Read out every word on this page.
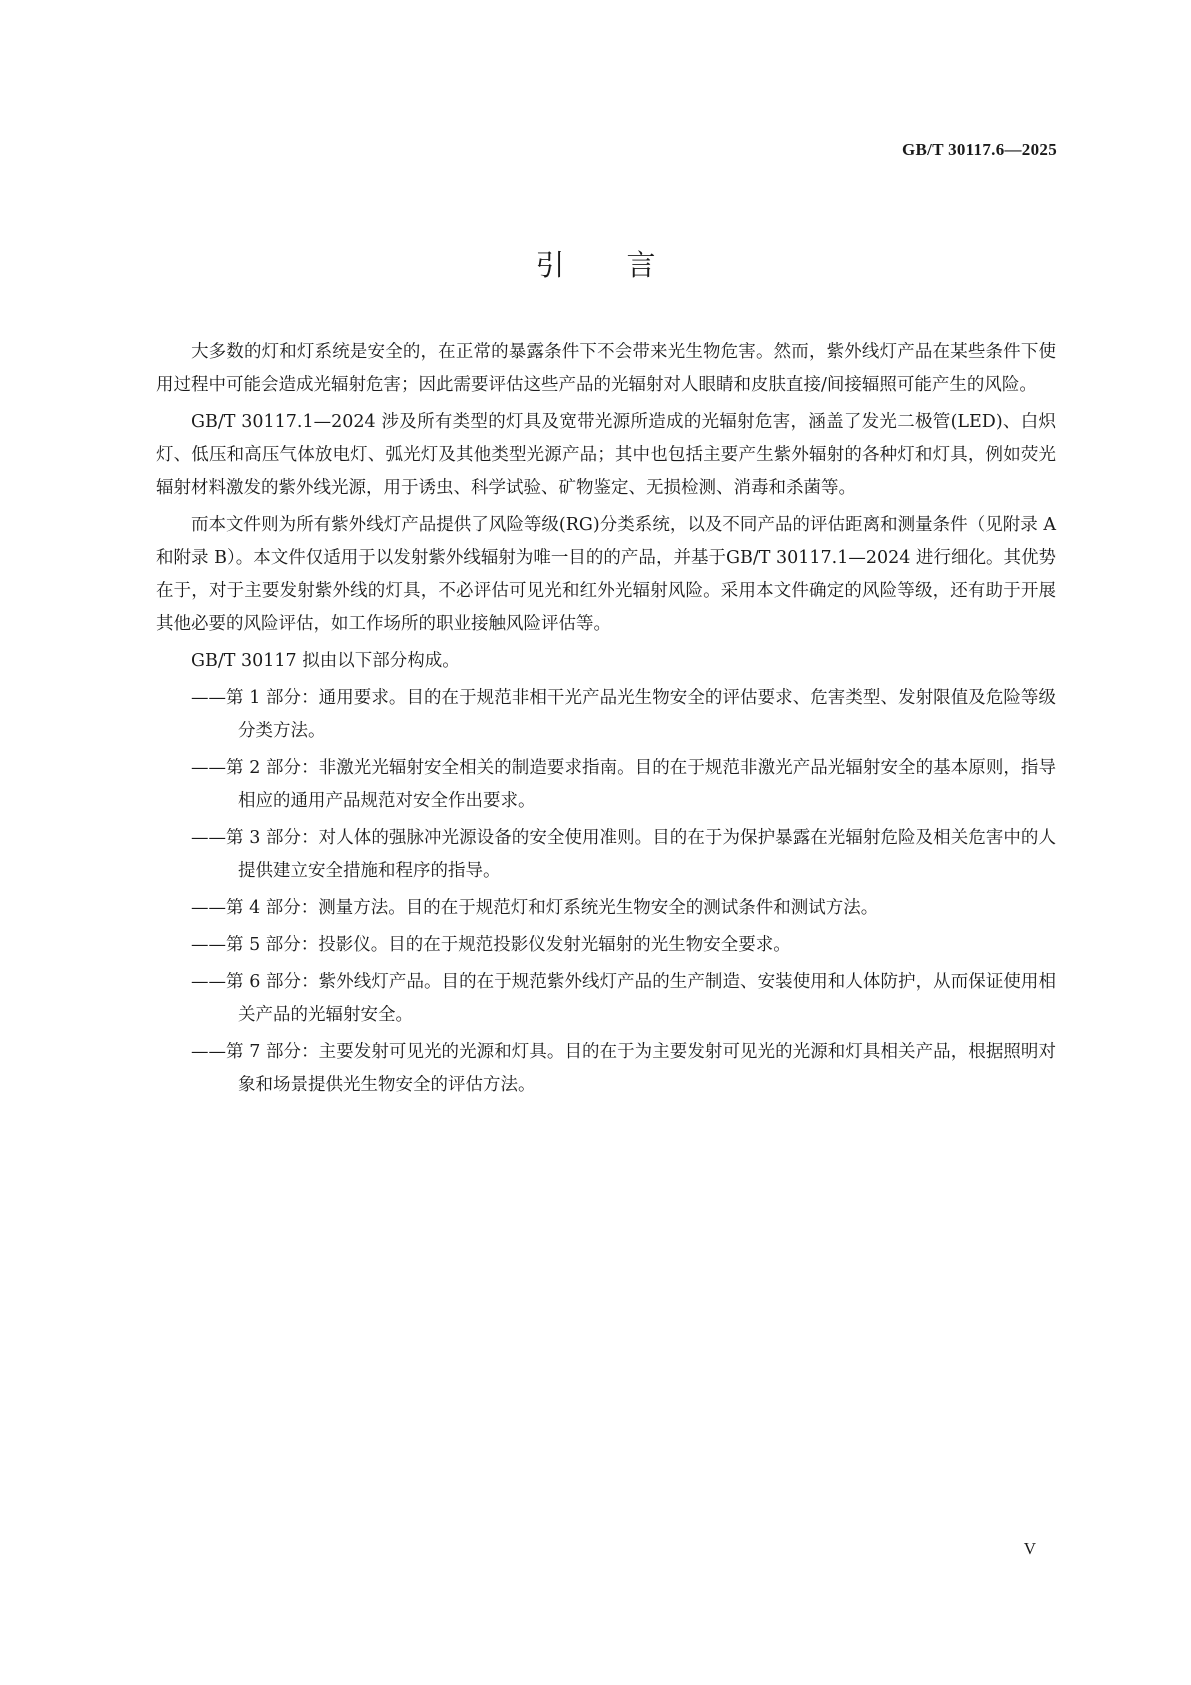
GB/T 30117.6—2025
引言

大多数的灯和灯系统是安全的，在正常的暴露条件下不会带来光生物危害。然而，紫外线灯产品在某些条件下使用过程中可能会造成光辐射危害；因此需要评估这些产品的光辐射对人眼睛和皮肤直接/间接辐照可能产生的风险。

GB/T 30117.1—2024 涉及所有类型的灯具及宽带光源所造成的光辐射危害，涵盖了发光二极管(LED)、白炽灯、低压和高压气体放电灯、弧光灯及其他类型光源产品；其中也包括主要产生紫外辐射的各种灯和灯具，例如荧光辐射材料激发的紫外线光源，用于诱虫、科学试验、矿物鉴定、无损检测、消毒和杀菌等。

而本文件则为所有紫外线灯产品提供了风险等级(RG)分类系统，以及不同产品的评估距离和测量条件（见附录 A 和附录 B）。本文件仅适用于以发射紫外线辐射为唯一目的的产品，并基于GB/T 30117.1—2024 进行细化。其优势在于，对于主要发射紫外线的灯具，不必评估可见光和红外光辐射风险。采用本文件确定的风险等级，还有助于开展其他必要的风险评估，如工作场所的职业接触风险评估等。

GB/T 30117 拟由以下部分构成。

——第 1 部分：通用要求。目的在于规范非相干光产品光生物安全的评估要求、危害类型、发射限值及危险等级分类方法。

——第 2 部分：非激光光辐射安全相关的制造要求指南。目的在于规范非激光产品光辐射安全的基本原则，指导相应的通用产品规范对安全作出要求。

——第 3 部分：对人体的强脉冲光源设备的安全使用准则。目的在于为保护暴露在光辐射危险及相关危害中的人提供建立安全措施和程序的指导。

——第 4 部分：测量方法。目的在于规范灯和灯系统光生物安全的测试条件和测试方法。

——第 5 部分：投影仪。目的在于规范投影仪发射光辐射的光生物安全要求。

——第 6 部分：紫外线灯产品。目的在于规范紫外线灯产品的生产制造、安装使用和人体防护，从而保证使用相关产品的光辐射安全。

——第 7 部分：主要发射可见光的光源和灯具。目的在于为主要发射可见光的光源和灯具相关产品，根据照明对象和场景提供光生物安全的评估方法。

V
